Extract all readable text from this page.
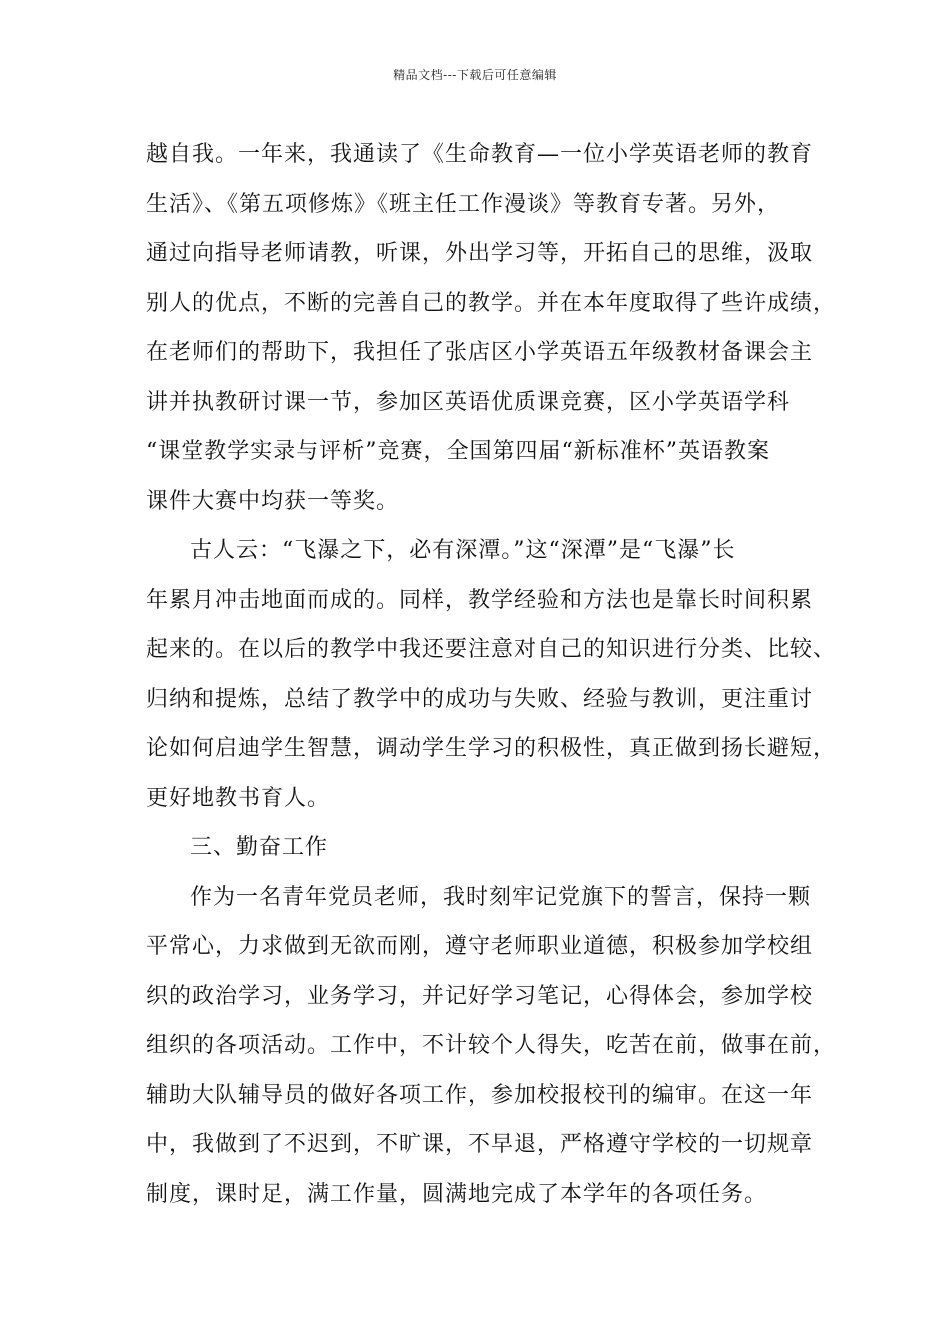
精品文档---下载后可任意编辑
越自我。一年来，我通读了《生命教育—一位小学英语老师的教育
生活》、《第五项修炼》《班主任工作漫谈》等教育专著。另外，
通过向指导老师请教，听课，外出学习等，开拓自己的思维，汲取
别人的优点，不断的完善自己的教学。并在本年度取得了些许成绩，
在老师们的帮助下，我担任了张店区小学英语五年级教材备课会主
讲并执教研讨课一节，参加区英语优质课竞赛，区小学英语学科
“课堂教学实录与评析”竞赛，全国第四届“新标准杯”英语教案
课件大赛中均获一等奖。
古人云：“飞瀑之下，必有深潭。”这“深潭”是“飞瀑”长
年累月冲击地面而成的。同样，教学经验和方法也是靠长时间积累
起来的。在以后的教学中我还要注意对自己的知识进行分类、比较、
归纳和提炼，总结了教学中的成功与失败、经验与教训，更注重讨
论如何启迪学生智慧，调动学生学习的积极性，真正做到扬长避短，
更好地教书育人。
三、勤奋工作
作为一名青年党员老师，我时刻牢记党旗下的誓言，保持一颗
平常心，力求做到无欲而刚，遵守老师职业道德，积极参加学校组
织的政治学习，业务学习，并记好学习笔记，心得体会，参加学校
组织的各项活动。工作中，不计较个人得失，吃苦在前，做事在前，
辅助大队辅导员的做好各项工作，参加校报校刊的编审。在这一年
中，我做到了不迟到，不旷课，不早退，严格遵守学校的一切规章
制度，课时足，满工作量，圆满地完成了本学年的各项任务。
